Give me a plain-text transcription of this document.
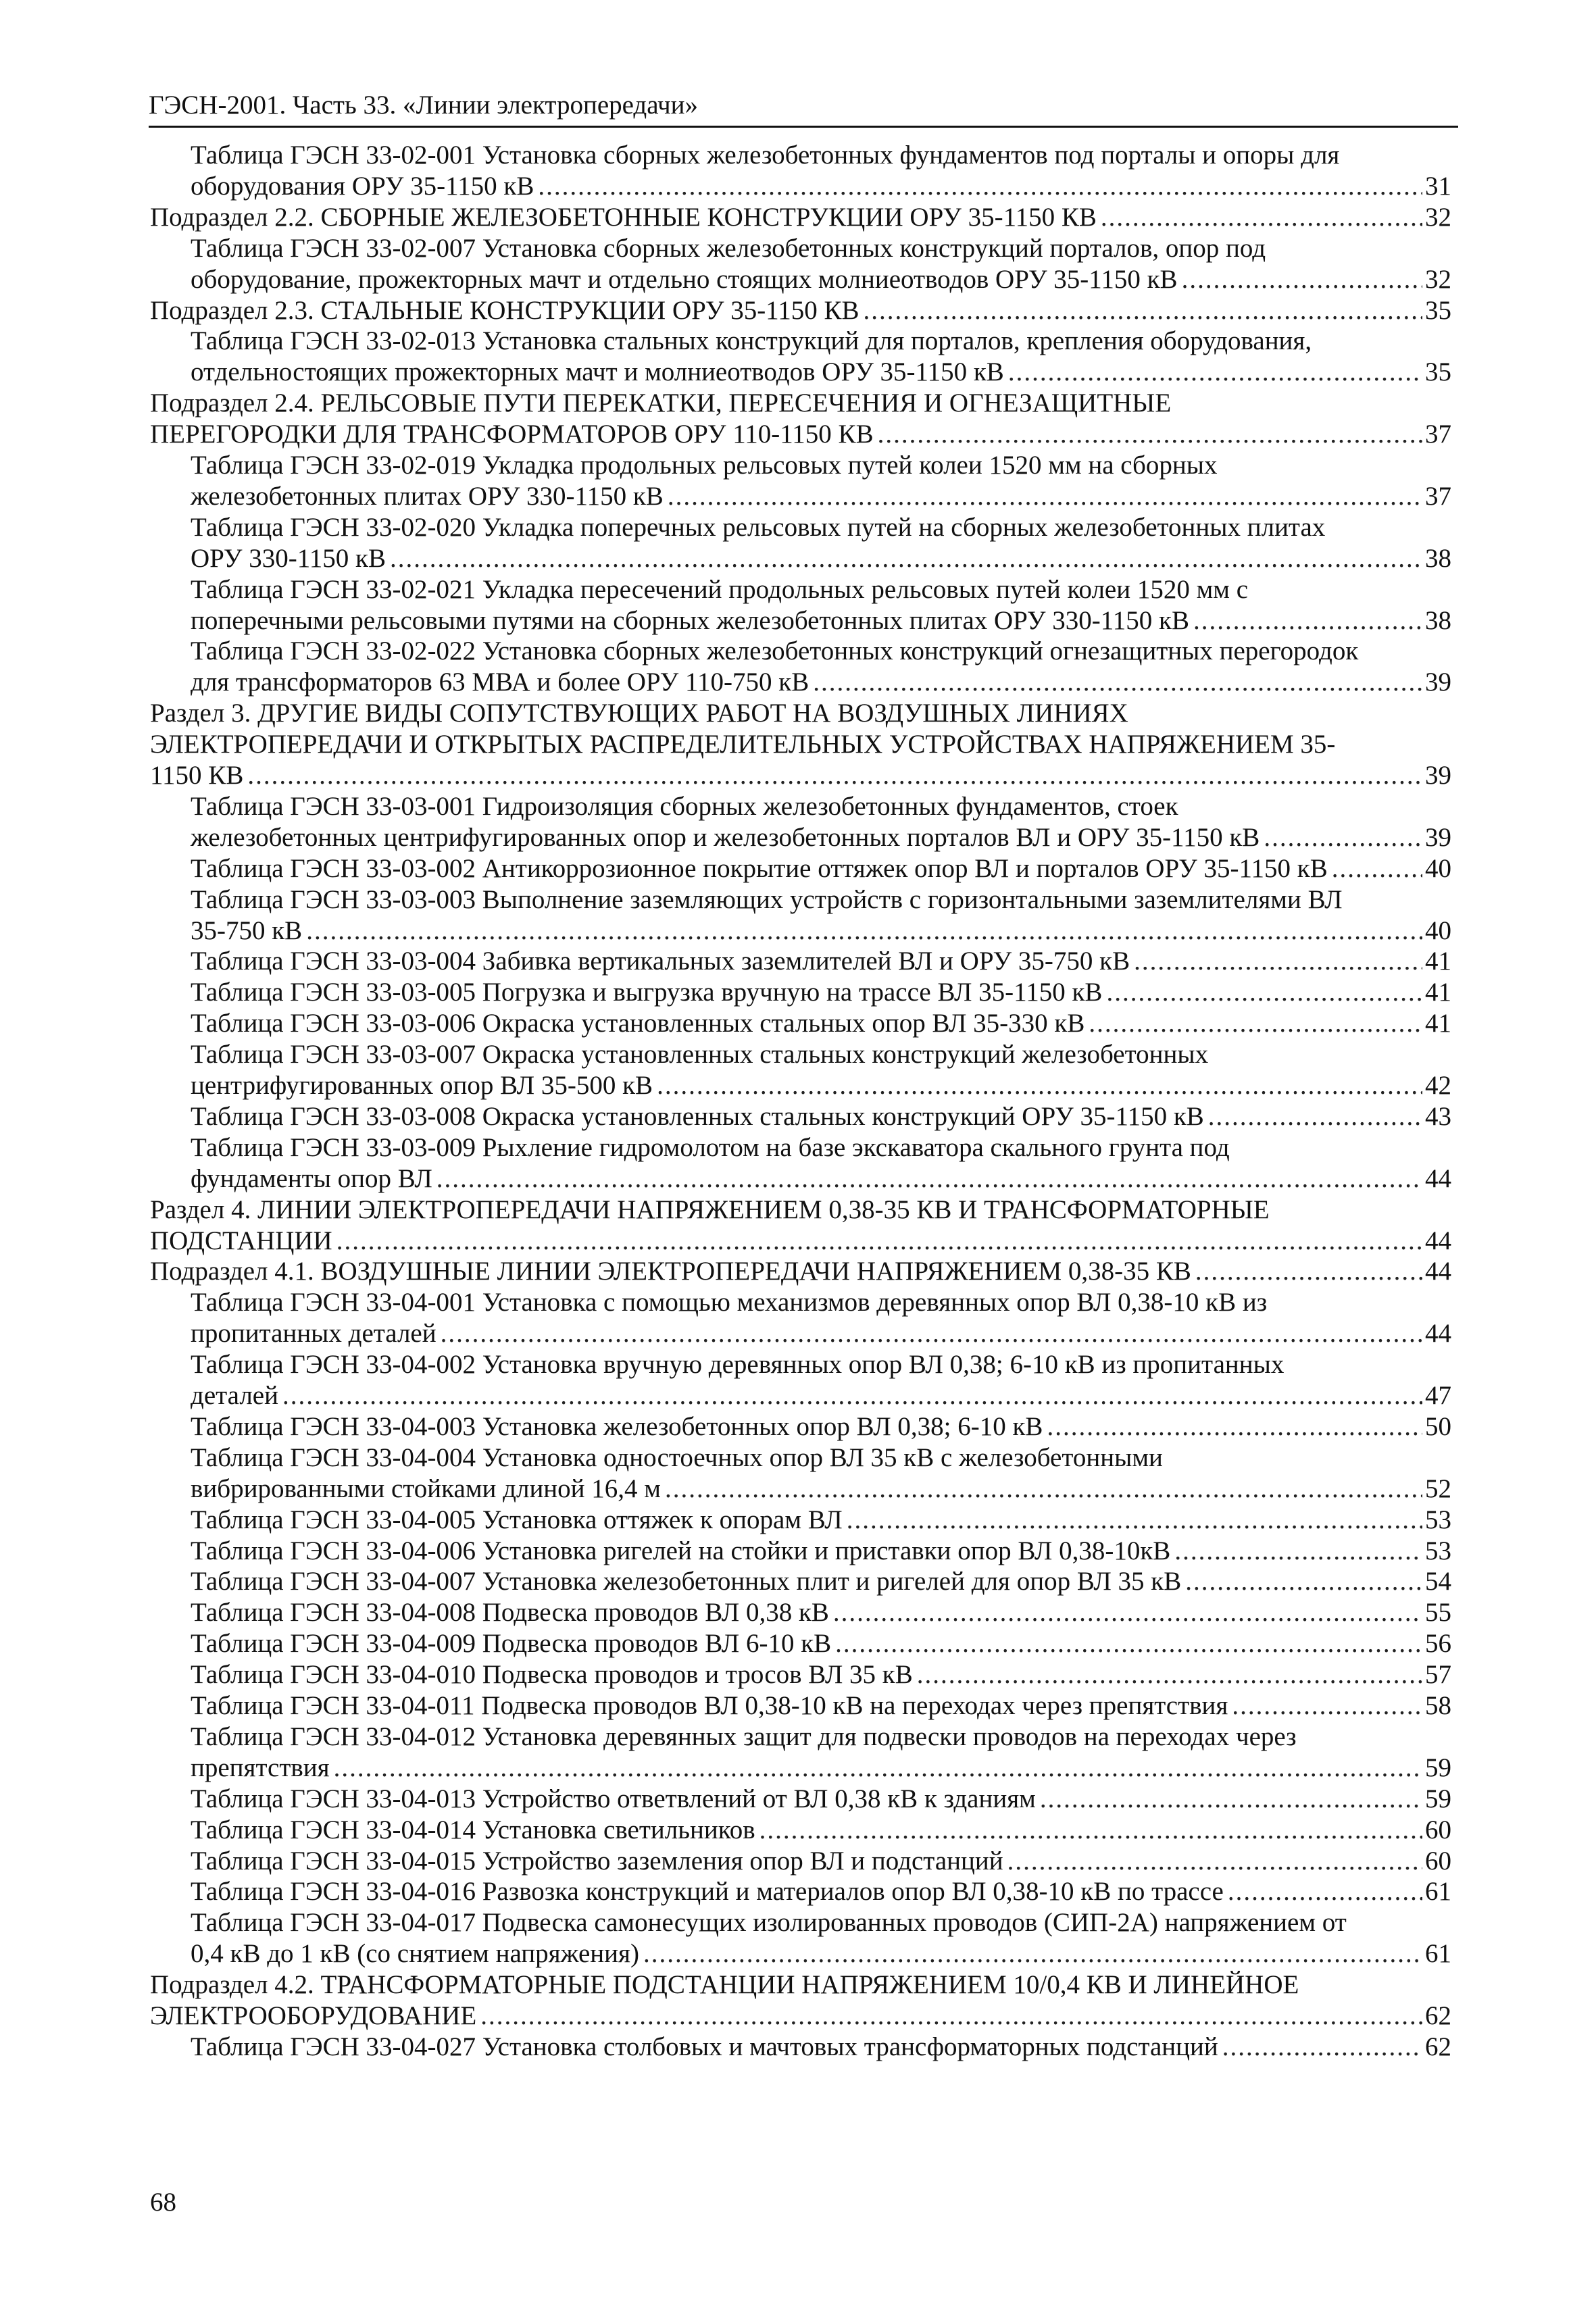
ГЭСН-2001. Часть 33. «Линии электропередачи»
Таблица ГЭСН 33-02-001 Установка сборных железобетонных фундаментов под порталы и опоры для
оборудования ОРУ 35-1150 кВ .....	31
Подраздел 2.2. СБОРНЫЕ ЖЕЛЕЗОБЕТОННЫЕ КОНСТРУКЦИИ ОРУ 35-1150 КВ .....	32
Таблица ГЭСН 33-02-007 Установка сборных железобетонных конструкций порталов, опор под
оборудование, прожекторных мачт и отдельно стоящих молниеотводов ОРУ 35-1150 кВ .....	32
Подраздел 2.3. СТАЛЬНЫЕ КОНСТРУКЦИИ ОРУ 35-1150 КВ .....	35
Таблица ГЭСН 33-02-013 Установка стальных конструкций для порталов, крепления оборудования,
отдельностоящих прожекторных мачт и молниеотводов ОРУ 35-1150 кВ .....	35
Подраздел 2.4. РЕЛЬСОВЫЕ ПУТИ ПЕРЕКАТКИ, ПЕРЕСЕЧЕНИЯ И ОГНЕЗАЩИТНЫЕ
ПЕРЕГОРОДКИ ДЛЯ ТРАНСФОРМАТОРОВ ОРУ 110-1150 КВ .....	37
Таблица ГЭСН 33-02-019 Укладка продольных рельсовых путей колеи 1520 мм на сборных
железобетонных плитах ОРУ 330-1150 кВ .....	37
Таблица ГЭСН 33-02-020 Укладка поперечных рельсовых путей на сборных железобетонных плитах
ОРУ 330-1150 кВ .....	38
Таблица ГЭСН 33-02-021 Укладка пересечений продольных рельсовых путей колеи 1520 мм с
поперечными рельсовыми путями на сборных железобетонных плитах ОРУ 330-1150 кВ .....	38
Таблица ГЭСН 33-02-022 Установка сборных железобетонных конструкций огнезащитных перегородок
для трансформаторов 63 МВА и более ОРУ 110-750 кВ .....	39
Раздел 3. ДРУГИЕ ВИДЫ СОПУТСТВУЮЩИХ РАБОТ НА ВОЗДУШНЫХ ЛИНИЯХ
ЭЛЕКТРОПЕРЕДАЧИ И ОТКРЫТЫХ РАСПРЕДЕЛИТЕЛЬНЫХ УСТРОЙСТВАХ НАПРЯЖЕНИЕМ 35-
1150 КВ .....	39
Таблица ГЭСН 33-03-001 Гидроизоляция сборных железобетонных фундаментов, стоек
железобетонных центрифугированных опор и железобетонных порталов ВЛ и ОРУ 35-1150 кВ .....	39
Таблица ГЭСН 33-03-002 Антикоррозионное покрытие оттяжек опор ВЛ и порталов ОРУ 35-1150 кВ .....	40
Таблица ГЭСН 33-03-003 Выполнение заземляющих устройств с горизонтальными заземлителями ВЛ
35-750 кВ .....	40
Таблица ГЭСН 33-03-004 Забивка вертикальных заземлителей ВЛ и ОРУ 35-750 кВ .....	41
Таблица ГЭСН 33-03-005 Погрузка и выгрузка вручную на трассе ВЛ 35-1150 кВ .....	41
Таблица ГЭСН 33-03-006 Окраска установленных стальных опор ВЛ 35-330 кВ .....	41
Таблица ГЭСН 33-03-007 Окраска установленных стальных конструкций железобетонных
центрифугированных опор ВЛ 35-500 кВ .....	42
Таблица ГЭСН 33-03-008 Окраска установленных стальных конструкций ОРУ 35-1150 кВ .....	43
Таблица ГЭСН 33-03-009 Рыхление гидромолотом на базе экскаватора скального грунта под
фундаменты опор ВЛ .....	44
Раздел 4. ЛИНИИ ЭЛЕКТРОПЕРЕДАЧИ НАПРЯЖЕНИЕМ 0,38-35 КВ И ТРАНСФОРМАТОРНЫЕ
ПОДСТАНЦИИ .....	44
Подраздел 4.1. ВОЗДУШНЫЕ ЛИНИИ ЭЛЕКТРОПЕРЕДАЧИ НАПРЯЖЕНИЕМ 0,38-35 КВ .....	44
Таблица ГЭСН 33-04-001 Установка с помощью механизмов деревянных опор ВЛ 0,38-10 кВ из
пропитанных деталей .....	44
Таблица ГЭСН 33-04-002 Установка вручную деревянных опор ВЛ 0,38; 6-10 кВ из пропитанных
деталей .....	47
Таблица ГЭСН 33-04-003 Установка железобетонных опор ВЛ 0,38; 6-10 кВ .....	50
Таблица ГЭСН 33-04-004 Установка одностоечных опор ВЛ 35 кВ с железобетонными
вибрированными стойками длиной 16,4 м .....	52
Таблица ГЭСН 33-04-005 Установка оттяжек к опорам ВЛ .....	53
Таблица ГЭСН 33-04-006 Установка ригелей на стойки и приставки опор ВЛ 0,38-10кВ .....	53
Таблица ГЭСН 33-04-007 Установка железобетонных плит и ригелей для опор ВЛ 35 кВ .....	54
Таблица ГЭСН 33-04-008 Подвеска проводов ВЛ 0,38 кВ .....	55
Таблица ГЭСН 33-04-009 Подвеска проводов ВЛ 6-10 кВ .....	56
Таблица ГЭСН 33-04-010 Подвеска проводов и тросов ВЛ 35 кВ .....	57
Таблица ГЭСН 33-04-011 Подвеска проводов ВЛ 0,38-10 кВ на переходах через препятствия .....	58
Таблица ГЭСН 33-04-012 Установка деревянных защит для подвески проводов на переходах через
препятствия .....	59
Таблица ГЭСН 33-04-013 Устройство ответвлений от ВЛ 0,38 кВ к зданиям .....	59
Таблица ГЭСН 33-04-014 Установка светильников .....	60
Таблица ГЭСН 33-04-015 Устройство заземления опор ВЛ и подстанций .....	60
Таблица ГЭСН 33-04-016 Развозка конструкций и материалов опор ВЛ 0,38-10 кВ по трассе .....	61
Таблица ГЭСН 33-04-017 Подвеска самонесущих изолированных проводов (СИП-2А) напряжением от
0,4 кВ до 1 кВ (со снятием напряжения) .....	61
Подраздел 4.2. ТРАНСФОРМАТОРНЫЕ ПОДСТАНЦИИ НАПРЯЖЕНИЕМ 10/0,4 КВ И ЛИНЕЙНОЕ
ЭЛЕКТРООБОРУДОВАНИЕ .....	62
Таблица ГЭСН 33-04-027 Установка столбовых и мачтовых трансформаторных подстанций .....	62
68
